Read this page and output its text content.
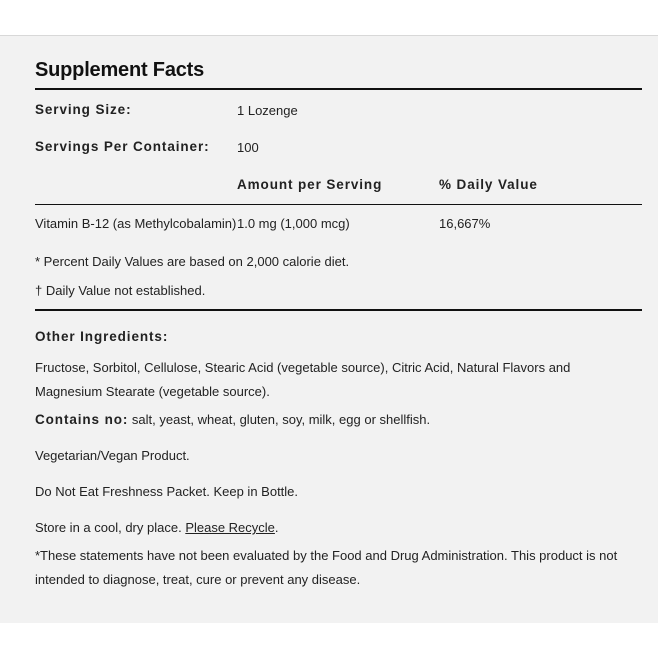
Supplement Facts
Serving Size:	1 Lozenge
Servings Per Container: 100
Amount per Serving	% Daily Value
Vitamin B-12 (as Methylcobalamin) 1.0 mg (1,000 mcg)	16,667%
* Percent Daily Values are based on 2,000 calorie diet.
† Daily Value not established.
Other Ingredients:
Fructose, Sorbitol, Cellulose, Stearic Acid (vegetable source), Citric Acid, Natural Flavors and Magnesium Stearate (vegetable source).
Contains no: salt, yeast, wheat, gluten, soy, milk, egg or shellfish.
Vegetarian/Vegan Product.
Do Not Eat Freshness Packet. Keep in Bottle.
Store in a cool, dry place. Please Recycle.
*These statements have not been evaluated by the Food and Drug Administration. This product is not intended to diagnose, treat, cure or prevent any disease.
